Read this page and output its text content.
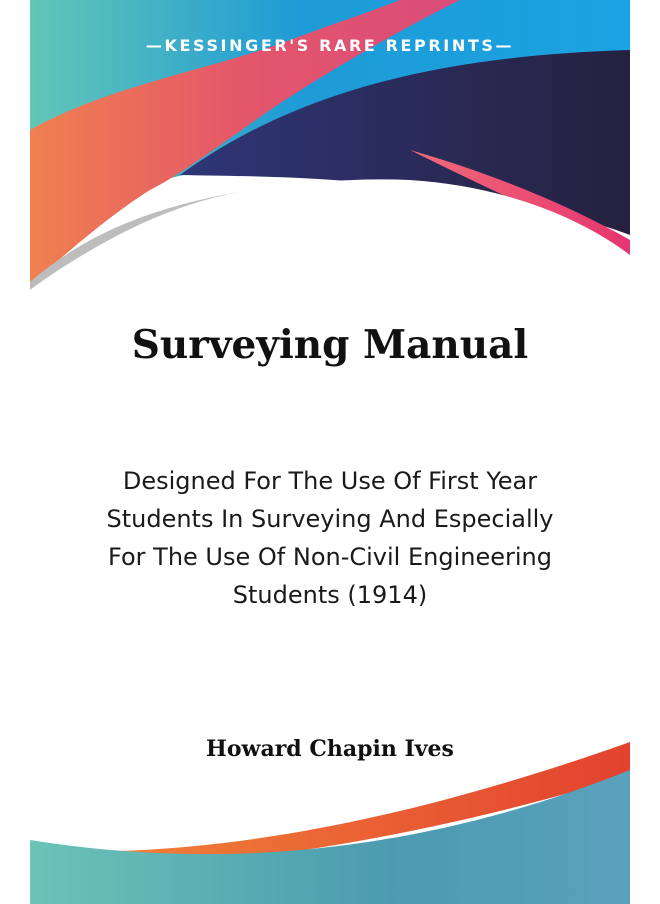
—KESSINGER'S RARE REPRINTS—
Surveying Manual
Designed For The Use Of First Year Students In Surveying And Especially For The Use Of Non-Civil Engineering Students (1914)
Howard Chapin Ives
